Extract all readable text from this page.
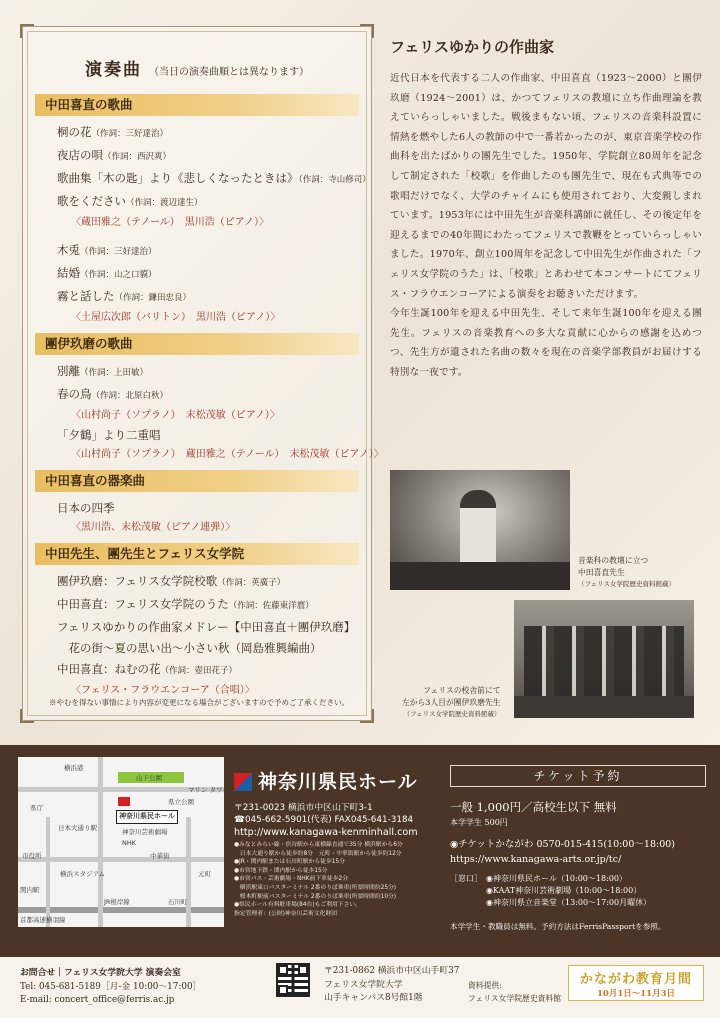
演奏曲 （当日の演奏曲順とは異なります）
中田喜直の歌曲
桐の花（作詞：三好達治）
夜店の唄（作詞：西沢爽）
歌曲集「木の匙」より《悲しくなったときは》（作詞：寺山修司）
歌をください（作詞：渡辺達生）
〈蔵田雅之（テノール）　黒川浩（ピアノ）〉
木兎（作詞：三好達治）
結婚（作詞：山之口貘）
霧と話した（作詞：鎌田忠良）
〈土屋広次郎（バリトン）　黒川浩（ピアノ）〉
團伊玖磨の歌曲
別離（作詞：上田敏）
春の鳥（作詞：北原白秋）
〈山村尚子（ソプラノ）　末松茂敏（ピアノ）〉
「夕鶴」より二重唱
〈山村尚子（ソプラノ）　蔵田雅之（テノール）　末松茂敏（ピアノ）〉
中田喜直の器楽曲
日本の四季
〈黒川浩、末松茂敏（ピアノ連弾）〉
中田先生、團先生とフェリス女学院
團伊玖磨：フェリス女学院校歌（作詞：英廣子）
中田喜直：フェリス女学院のうた（作詞：佐藤東洋麿）
フェリスゆかりの作曲家メドレー【中田喜直＋團伊玖磨】
　花の街〜夏の思い出〜小さい秋（岡島雅興編曲）
中田喜直：ねむの花（作詞：壺田花子）
〈フェリス・フラウエンコーア（合唱）〉
※やむを得ない事情により内容が変更になる場合がございますので予めご了承ください。
フェリスゆかりの作曲家

近代日本を代表する二人の作曲家、中田喜直（1923〜2000）と團伊玖磨（1924〜2001）は、かつてフェリスの教壇に立ち作曲理論を教えていらっしゃいました。戦後まもない頃、フェリスの音楽科設置に情熱を燃やした6人の教師の中で一番若かったのが、東京音楽学校の作曲科を出たばかりの團先生でした。1950年、学院創立80周年を記念して制定された「校歌」を作曲したのも團先生で、現在も式典等での歌唱だけでなく、大学のチャイムにも使用されており、大変親しまれています。1953年には中田先生が音楽科講師に就任し、その後定年を迎えるまでの40年間にわたってフェリスで教鞭をとっていらっしゃいました。1970年、創立100周年を記念して中田先生が作曲された「フェリス女学院のうた」は、「校歌」とあわせて本コンサートにてフェリス・フラウエンコーアによる演奏をお聴きいただけます。

今年生誕100年を迎える中田先生、そして来年生誕100年を迎える團先生。フェリスの音楽教育への多大な貢献に心からの感謝を込めつつ、先生方が遺された名曲の数々を現在の音楽学部教員がお届けする特別な一夜です。

音楽科の教壇に立つ
中田喜直先生
（フェリス女学院歴史資料館蔵）
フェリスの校舎前にて
左から3人目が團伊玖磨先生
（フェリス女学院歴史資料館蔵）
神奈川県民ホール
横浜港
山下公園
マリン タワー
神奈川芸術劇場
県庁
日本大通り駅
NHK
中華街
元町
関内駅
石川町
首都高速横羽線
JR根岸線
横浜スタジアム
市役所
県立公園
神奈川県民ホール
〒231-0023 横浜市中区山下町3-1
☎045-662-5901(代表) FAX045-641-3184
http://www.kanagawa-kenminhall.com
●みなとみらい線・渋谷駅から東横線直通で35分 横浜駅から6分
　日本大通り駅から徒歩約8分　元町・中華街駅から徒歩約12分
●JR・関内駅または石川町駅から徒歩15分
●市営地下鉄・関内駅から徒歩15分
●市営バス・芸術劇場・NHK前下車徒歩2分
　横浜駅東口バスターミナル 2番のりば乗車(所要時間約25分)
　桜木町駅前バスターミナル 2番のりば乗車(所要時間約10分)
●県民ホール有料駐車場(84台)もご利用下さい。
指定管理者：(公財)神奈川芸術文化財団
チケット予約
一般 1,000円／高校生以下 無料
本学学生 500円
◉チケットかながわ 0570-015-415(10:00〜18:00)
https://www.kanagawa-arts.or.jp/tc/
［窓口］ ◉神奈川県民ホール（10:00〜18:00）
◉KAAT神奈川芸術劇場（10:00〜18:00）
◉神奈川県立音楽堂（13:00〜17:00月曜休）
本学学生・教職員は無料。予約方法はFerrisPassportを参照。
お問合せ｜フェリス女学院大学 演奏会室
Tel: 045-681-5189［月-金 10:00〜17:00］
E-mail: concert_office@ferris.ac.jp
〒231-0862 横浜市中区山手町37
フェリス女学院大学
山手キャンパス8号館1階
資料提供:
フェリス女学院歴史資料館
かながわ教育月間
10月1日〜11月3日
